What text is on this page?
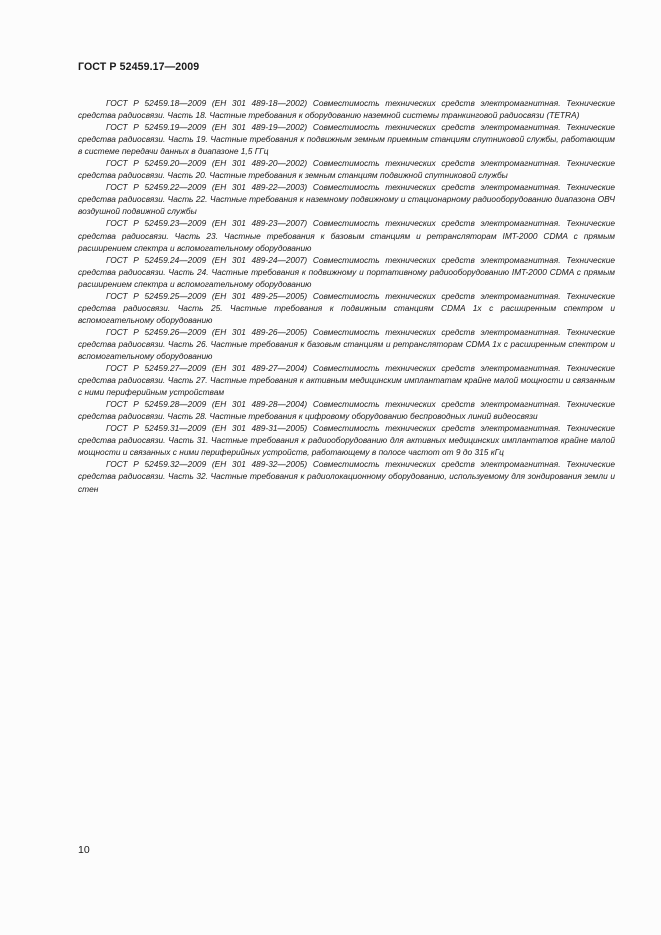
ГОСТ Р 52459.17—2009
ГОСТ Р 52459.18—2009 (ЕН 301 489-18—2002) Совместимость технических средств электромагнитная. Технические средства радиосвязи. Часть 18. Частные требования к оборудованию наземной системы транкинговой радиосвязи (TETRA)
ГОСТ Р 52459.19—2009 (ЕН 301 489-19—2002) Совместимость технических средств электромагнитная. Технические средства радиосвязи. Часть 19. Частные требования к подвижным земным приемным станциям спутниковой службы, работающим в системе передачи данных в диапазоне 1,5 ГГц
ГОСТ Р 52459.20—2009 (ЕН 301 489-20—2002) Совместимость технических средств электромагнитная. Технические средства радиосвязи. Часть 20. Частные требования к земным станциям подвижной спутниковой службы
ГОСТ Р 52459.22—2009 (ЕН 301 489-22—2003) Совместимость технических средств электромагнитная. Технические средства радиосвязи. Часть 22. Частные требования к наземному подвижному и стационарному радиооборудованию диапазона ОВЧ воздушной подвижной службы
ГОСТ Р 52459.23—2009 (ЕН 301 489-23—2007) Совместимость технических средств электромагнитная. Технические средства радиосвязи. Часть 23. Частные требования к базовым станциям и ретрансляторам IMT-2000 CDMA с прямым расширением спектра и вспомогательному оборудованию
ГОСТ Р 52459.24—2009 (ЕН 301 489-24—2007) Совместимость технических средств электромагнитная. Технические средства радиосвязи. Часть 24. Частные требования к подвижному и портативному радиооборудованию IMT-2000 CDMA с прямым расширением спектра и вспомогательному оборудованию
ГОСТ Р 52459.25—2009 (ЕН 301 489-25—2005) Совместимость технических средств электромагнитная. Технические средства радиосвязи. Часть 25. Частные требования к подвижным станциям CDMA 1x с расширенным спектром и вспомогательному оборудованию
ГОСТ Р 52459.26—2009 (ЕН 301 489-26—2005) Совместимость технических средств электромагнитная. Технические средства радиосвязи. Часть 26. Частные требования к базовым станциям и ретрансляторам CDMA 1x с расширенным спектром и вспомогательному оборудованию
ГОСТ Р 52459.27—2009 (ЕН 301 489-27—2004) Совместимость технических средств электромагнитная. Технические средства радиосвязи. Часть 27. Частные требования к активным медицинским имплантатам крайне малой мощности и связанным с ними периферийным устройствам
ГОСТ Р 52459.28—2009 (ЕН 301 489-28—2004) Совместимость технических средств электромагнитная. Технические средства радиосвязи. Часть 28. Частные требования к цифровому оборудованию беспроводных линий видеосвязи
ГОСТ Р 52459.31—2009 (ЕН 301 489-31—2005) Совместимость технических средств электромагнитная. Технические средства радиосвязи. Часть 31. Частные требования к радиооборудованию для активных медицинских имплантатов крайне малой мощности и связанных с ними периферийных устройств, работающему в полосе частот от 9 до 315 кГц
ГОСТ Р 52459.32—2009 (ЕН 301 489-32—2005) Совместимость технических средств электромагнитная. Технические средства радиосвязи. Часть 32. Частные требования к радиолокационному оборудованию, используемому для зондирования земли и стен
10
